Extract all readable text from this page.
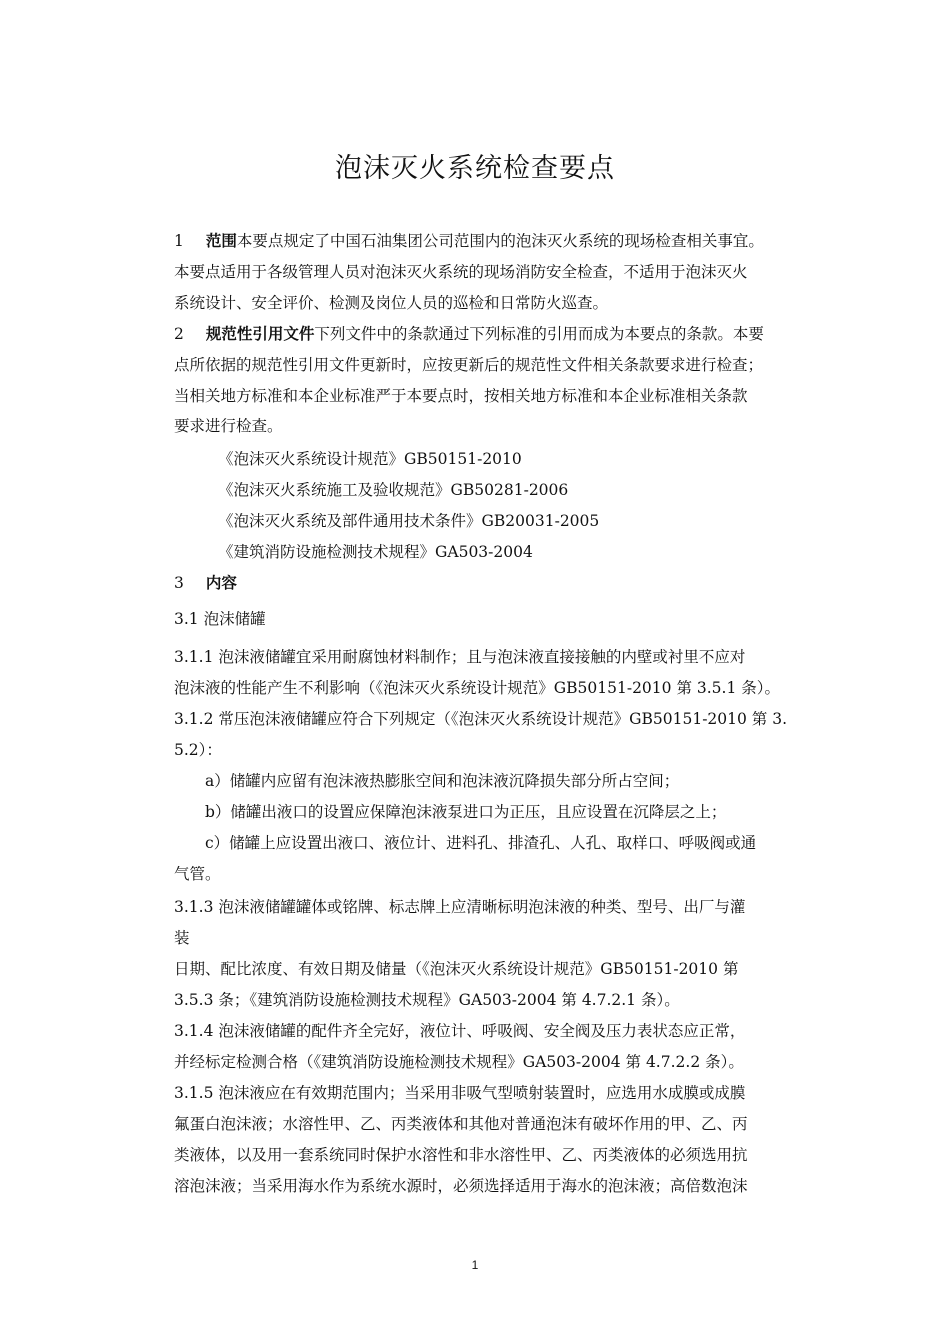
泡沫灭火系统检查要点
1 范围本要点规定了中国石油集团公司范围内的泡沫灭火系统的现场检查相关事宜。
本要点适用于各级管理人员对泡沫灭火系统的现场消防安全检查，不适用于泡沫灭火
系统设计、安全评价、检测及岗位人员的巡检和日常防火巡查。
2 规范性引用文件下列文件中的条款通过下列标准的引用而成为本要点的条款。本要
点所依据的规范性引用文件更新时，应按更新后的规范性文件相关条款要求进行检查；
当相关地方标准和本企业标准严于本要点时，按相关地方标准和本企业标准相关条款
要求进行检查。
《泡沫灭火系统设计规范》GB50151-2010
《泡沫灭火系统施工及验收规范》GB50281-2006
《泡沫灭火系统及部件通用技术条件》GB20031-2005
《建筑消防设施检测技术规程》GA503-2004
3 内容
3.1 泡沫储罐
3.1.1 泡沫液储罐宜采用耐腐蚀材料制作；且与泡沫液直接接触的内壁或衬里不应对
泡沫液的性能产生不利影响（《泡沫灭火系统设计规范》GB50151-2010 第 3.5.1 条）。
3.1.2 常压泡沫液储罐应符合下列规定（《泡沫灭火系统设计规范》GB50151-2010 第 3.
5.2）：
a）储罐内应留有泡沫液热膨胀空间和泡沫液沉降损失部分所占空间；
b）储罐出液口的设置应保障泡沫液泵进口为正压，且应设置在沉降层之上；
c）储罐上应设置出液口、液位计、进料孔、排渣孔、人孔、取样口、呼吸阀或通
气管。
3.1.3 泡沫液储罐罐体或铭牌、标志牌上应清晰标明泡沫液的种类、型号、出厂与灌
装
日期、配比浓度、有效日期及储量（《泡沫灭火系统设计规范》GB50151-2010 第
3.5.3 条；《建筑消防设施检测技术规程》GA503-2004 第 4.7.2.1 条）。
3.1.4 泡沫液储罐的配件齐全完好，液位计、呼吸阀、安全阀及压力表状态应正常，
并经标定检测合格（《建筑消防设施检测技术规程》GA503-2004 第 4.7.2.2 条）。
3.1.5 泡沫液应在有效期范围内；当采用非吸气型喷射装置时，应选用水成膜或成膜
氟蛋白泡沫液；水溶性甲、乙、丙类液体和其他对普通泡沫有破坏作用的甲、乙、丙
类液体，以及用一套系统同时保护水溶性和非水溶性甲、乙、丙类液体的必须选用抗
溶泡沫液；当采用海水作为系统水源时，必须选择适用于海水的泡沫液；高倍数泡沫
1
